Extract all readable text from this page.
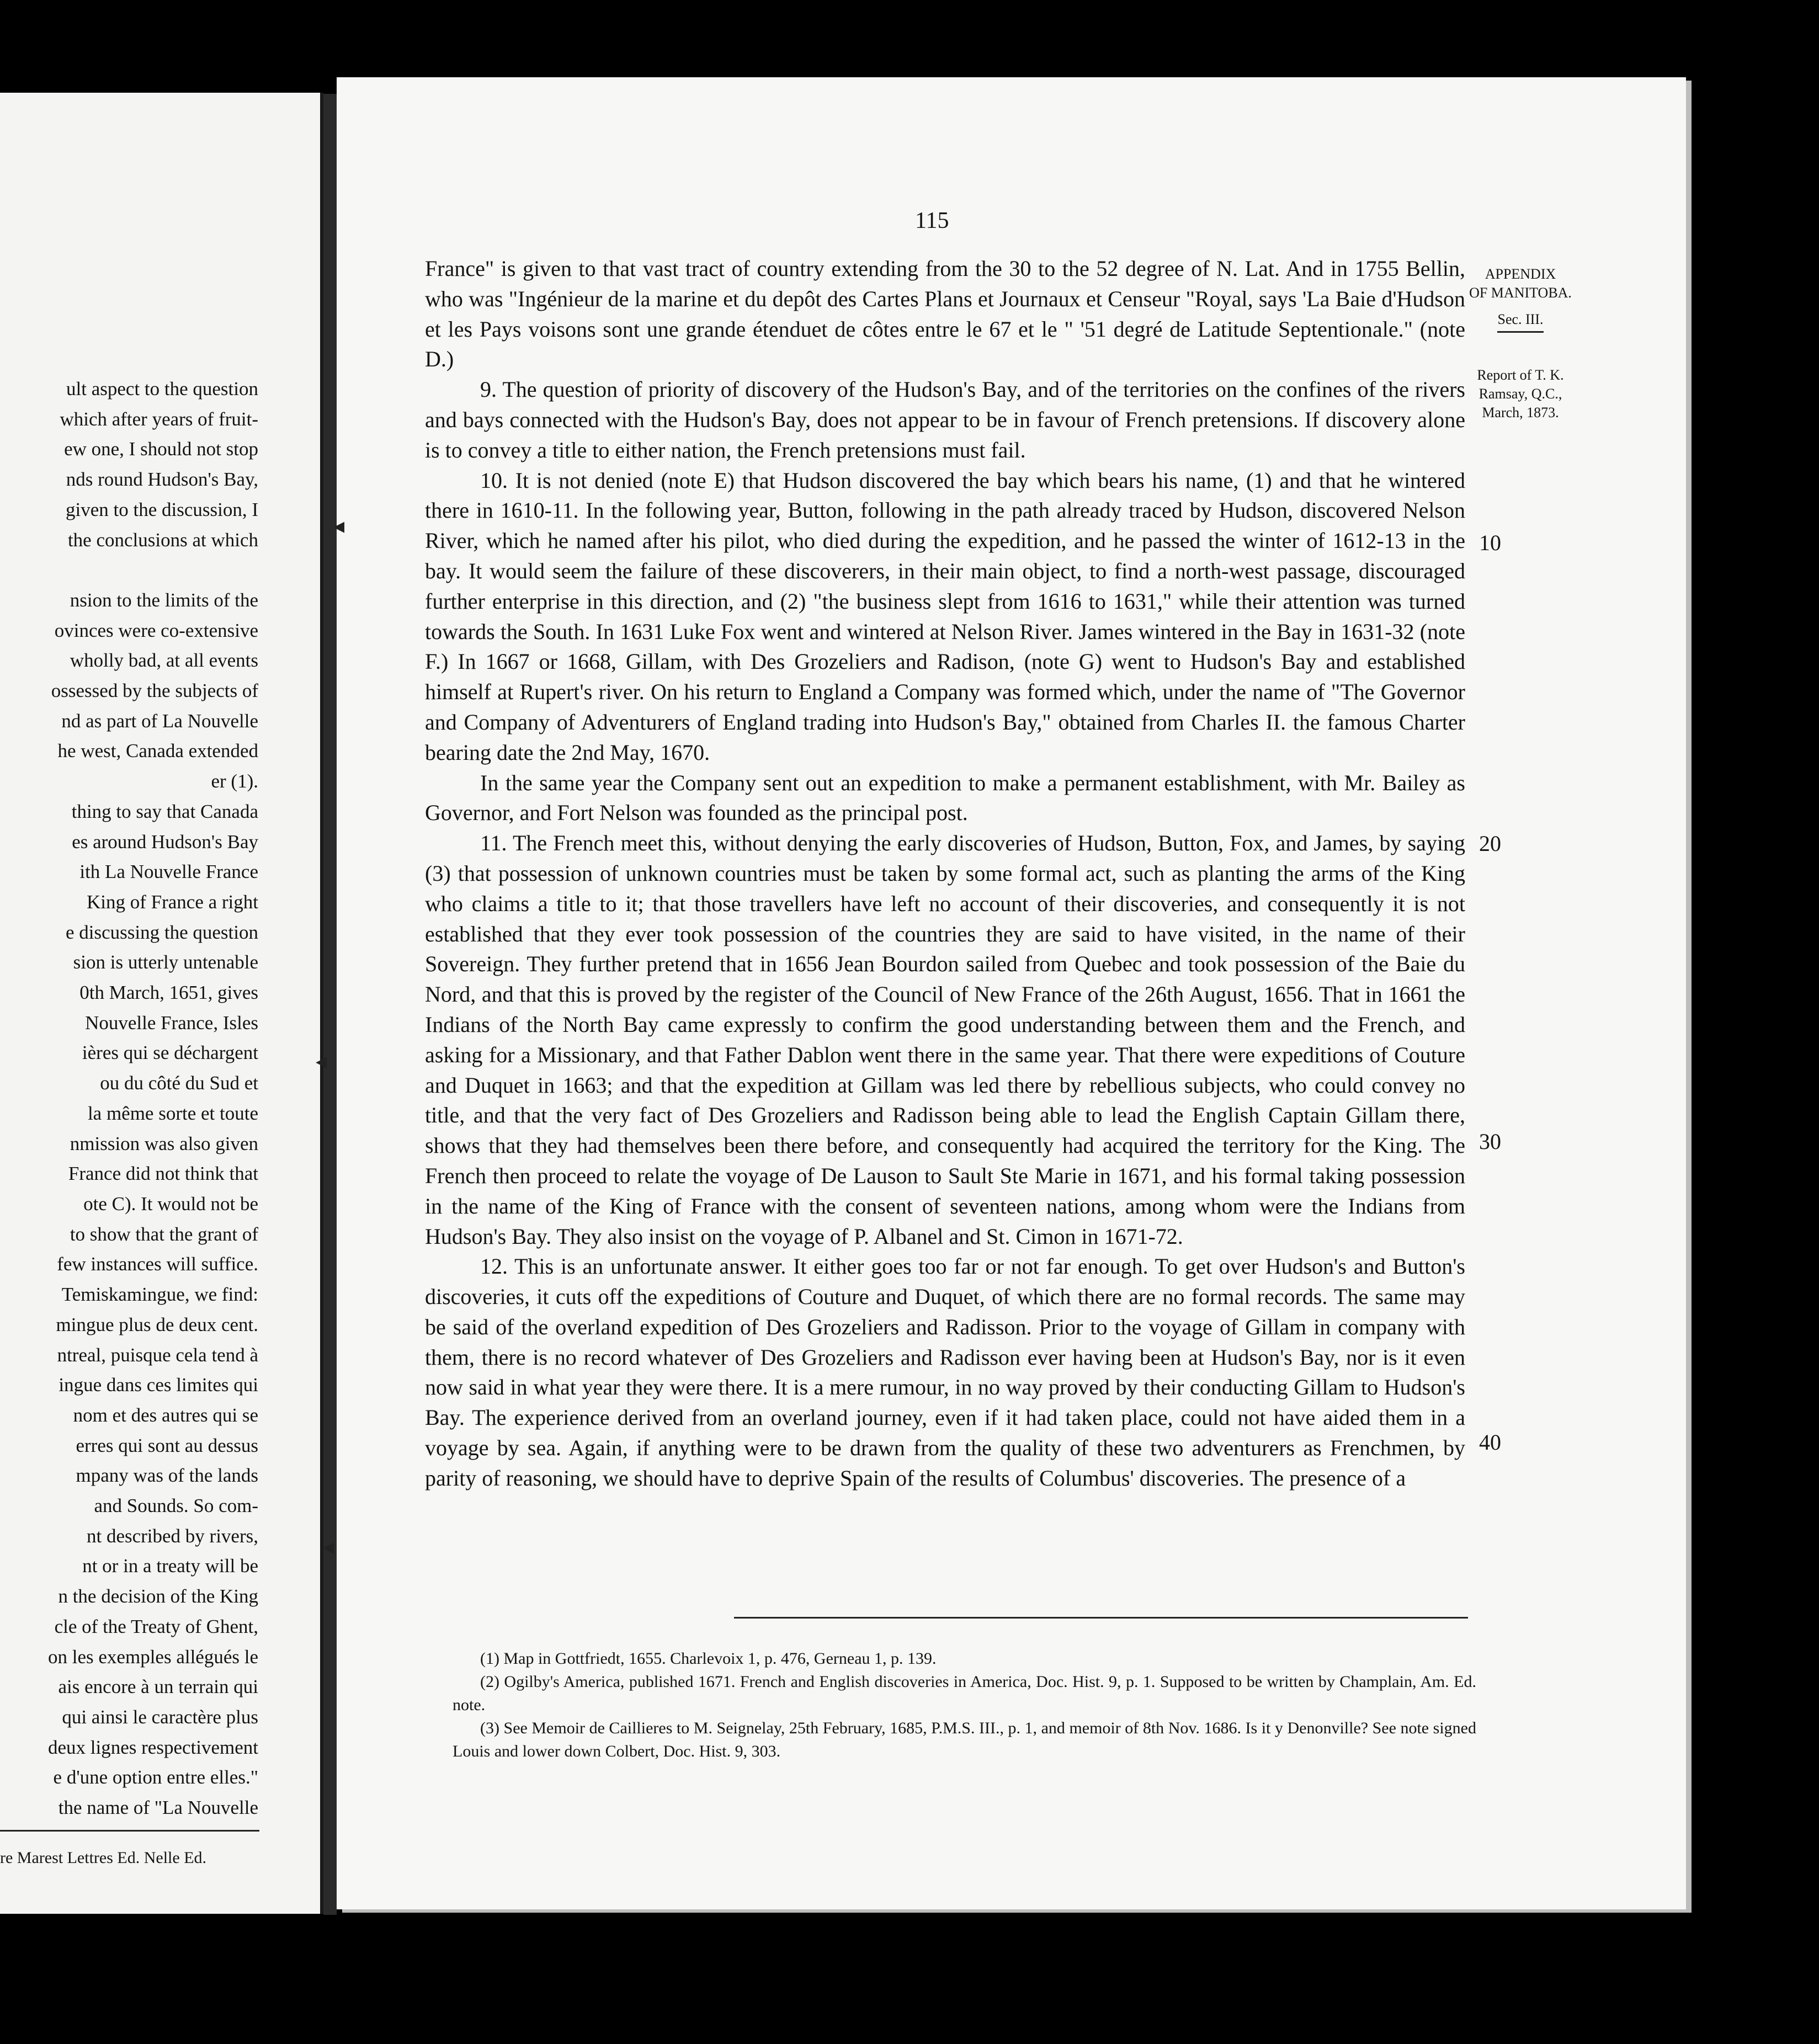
ult aspect to the question
which after years of fruit-
ew one, I should not stop
nds round Hudson's Bay,
given to the discussion, I
the conclusions at which

nsion to the limits of the
ovinces were co-extensive
wholly bad, at all events
ossessed by the subjects of
nd as part of La Nouvelle
he west, Canada extended
er (1).
thing to say that Canada
es around Hudson's Bay
ith La Nouvelle France
King of France a right
e discussing the question
sion is utterly untenable
0th March, 1651, gives
Nouvelle France, Isles
ières qui se déchargent
ou du côté du Sud et
la même sorte et toute
nmission was also given
France did not think that
ote C). It would not be
to show that the grant of
few instances will suffice.
Temiskamingue, we find:
mingue plus de deux cent.
ntreal, puisque cela tend à
ingue dans ces limites qui
nom et des autres qui se
erres qui sont au dessus
mpany was of the lands
and Sounds. So com-
nt described by rivers,
nt or in a treaty will be
n the decision of the King
cle of the Treaty of Ghent,
on les exemples allégués le
ais encore à un terrain qui
qui ainsi le caractère plus
deux lignes respectivement
e d'une option entre elles."
the name of "La Nouvelle
re Marest Lettres Ed. Nelle Ed.
115
APPENDIX
OF MANITOBA.
Sec. III.
Report of T. K. Ramsay, Q.C., March, 1873.
10
20
30
40

France" is given to that vast tract of country extending from the 30 to the 52 degree of N. Lat. And in 1755 Bellin, who was "Ingénieur de la marine et du depôt des Cartes Plans et Journaux et Censeur "Royal, says 'La Baie d'Hudson et les Pays voisons sont une grande étenduet de côtes entre le 67 et le " '51 degré de Latitude Septentionale." (note D.)

9. The question of priority of discovery of the Hudson's Bay, and of the territories on the confines of the rivers and bays connected with the Hudson's Bay, does not appear to be in favour of French pretensions. If discovery alone is to convey a title to either nation, the French pretensions must fail.

10. It is not denied (note E) that Hudson discovered the bay which bears his name, (1) and that he wintered there in 1610-11. In the following year, Button, following in the path already traced by Hudson, discovered Nelson River, which he named after his pilot, who died during the expedition, and he passed the winter of 1612-13 in the bay. It would seem the failure of these discoverers, in their main object, to find a north-west passage, discouraged further enterprise in this direction, and (2) "the business slept from 1616 to 1631," while their attention was turned towards the South. In 1631 Luke Fox went and wintered at Nelson River. James wintered in the Bay in 1631-32 (note F.) In 1667 or 1668, Gillam, with Des Grozeliers and Radison, (note G) went to Hudson's Bay and established himself at Rupert's river. On his return to England a Company was formed which, under the name of "The Governor and Company of Adventurers of England trading into Hudson's Bay," obtained from Charles II. the famous Charter bearing date the 2nd May, 1670.

In the same year the Company sent out an expedition to make a permanent establishment, with Mr. Bailey as Governor, and Fort Nelson was founded as the principal post.

11. The French meet this, without denying the early discoveries of Hudson, Button, Fox, and James, by saying (3) that possession of unknown countries must be taken by some formal act, such as planting the arms of the King who claims a title to it; that those travellers have left no account of their discoveries, and consequently it is not established that they ever took possession of the countries they are said to have visited, in the name of their Sovereign. They further pretend that in 1656 Jean Bourdon sailed from Quebec and took possession of the Baie du Nord, and that this is proved by the register of the Council of New France of the 26th August, 1656. That in 1661 the Indians of the North Bay came expressly to confirm the good understanding between them and the French, and asking for a Missionary, and that Father Dablon went there in the same year. That there were expeditions of Couture and Duquet in 1663; and that the expedition at Gillam was led there by rebellious subjects, who could convey no title, and that the very fact of Des Grozeliers and Radisson being able to lead the English Captain Gillam there, shows that they had themselves been there before, and consequently had acquired the territory for the King. The French then proceed to relate the voyage of De Lauson to Sault Ste Marie in 1671, and his formal taking possession in the name of the King of France with the consent of seventeen nations, among whom were the Indians from Hudson's Bay. They also insist on the voyage of P. Albanel and St. Cimon in 1671-72.

12. This is an unfortunate answer. It either goes too far or not far enough. To get over Hudson's and Button's discoveries, it cuts off the expeditions of Couture and Duquet, of which there are no formal records. The same may be said of the overland expedition of Des Grozeliers and Radisson. Prior to the voyage of Gillam in company with them, there is no record whatever of Des Grozeliers and Radisson ever having been at Hudson's Bay, nor is it even now said in what year they were there. It is a mere rumour, in no way proved by their conducting Gillam to Hudson's Bay. The experience derived from an overland journey, even if it had taken place, could not have aided them in a voyage by sea. Again, if anything were to be drawn from the quality of these two adventurers as Frenchmen, by parity of reasoning, we should have to deprive Spain of the results of Columbus' discoveries. The presence of a

(1) Map in Gottfriedt, 1655. Charlevoix 1, p. 476, Gerneau 1, p. 139.

(2) Ogilby's America, published 1671. French and English discoveries in America, Doc. Hist. 9, p. 1. Supposed to be written by Champlain, Am. Ed. note.

(3) See Memoir de Caillieres to M. Seignelay, 25th February, 1685, P.M.S. III., p. 1, and memoir of 8th Nov. 1686. Is it y Denonville? See note signed Louis and lower down Colbert, Doc. Hist. 9, 303.

◂
◂
◂
